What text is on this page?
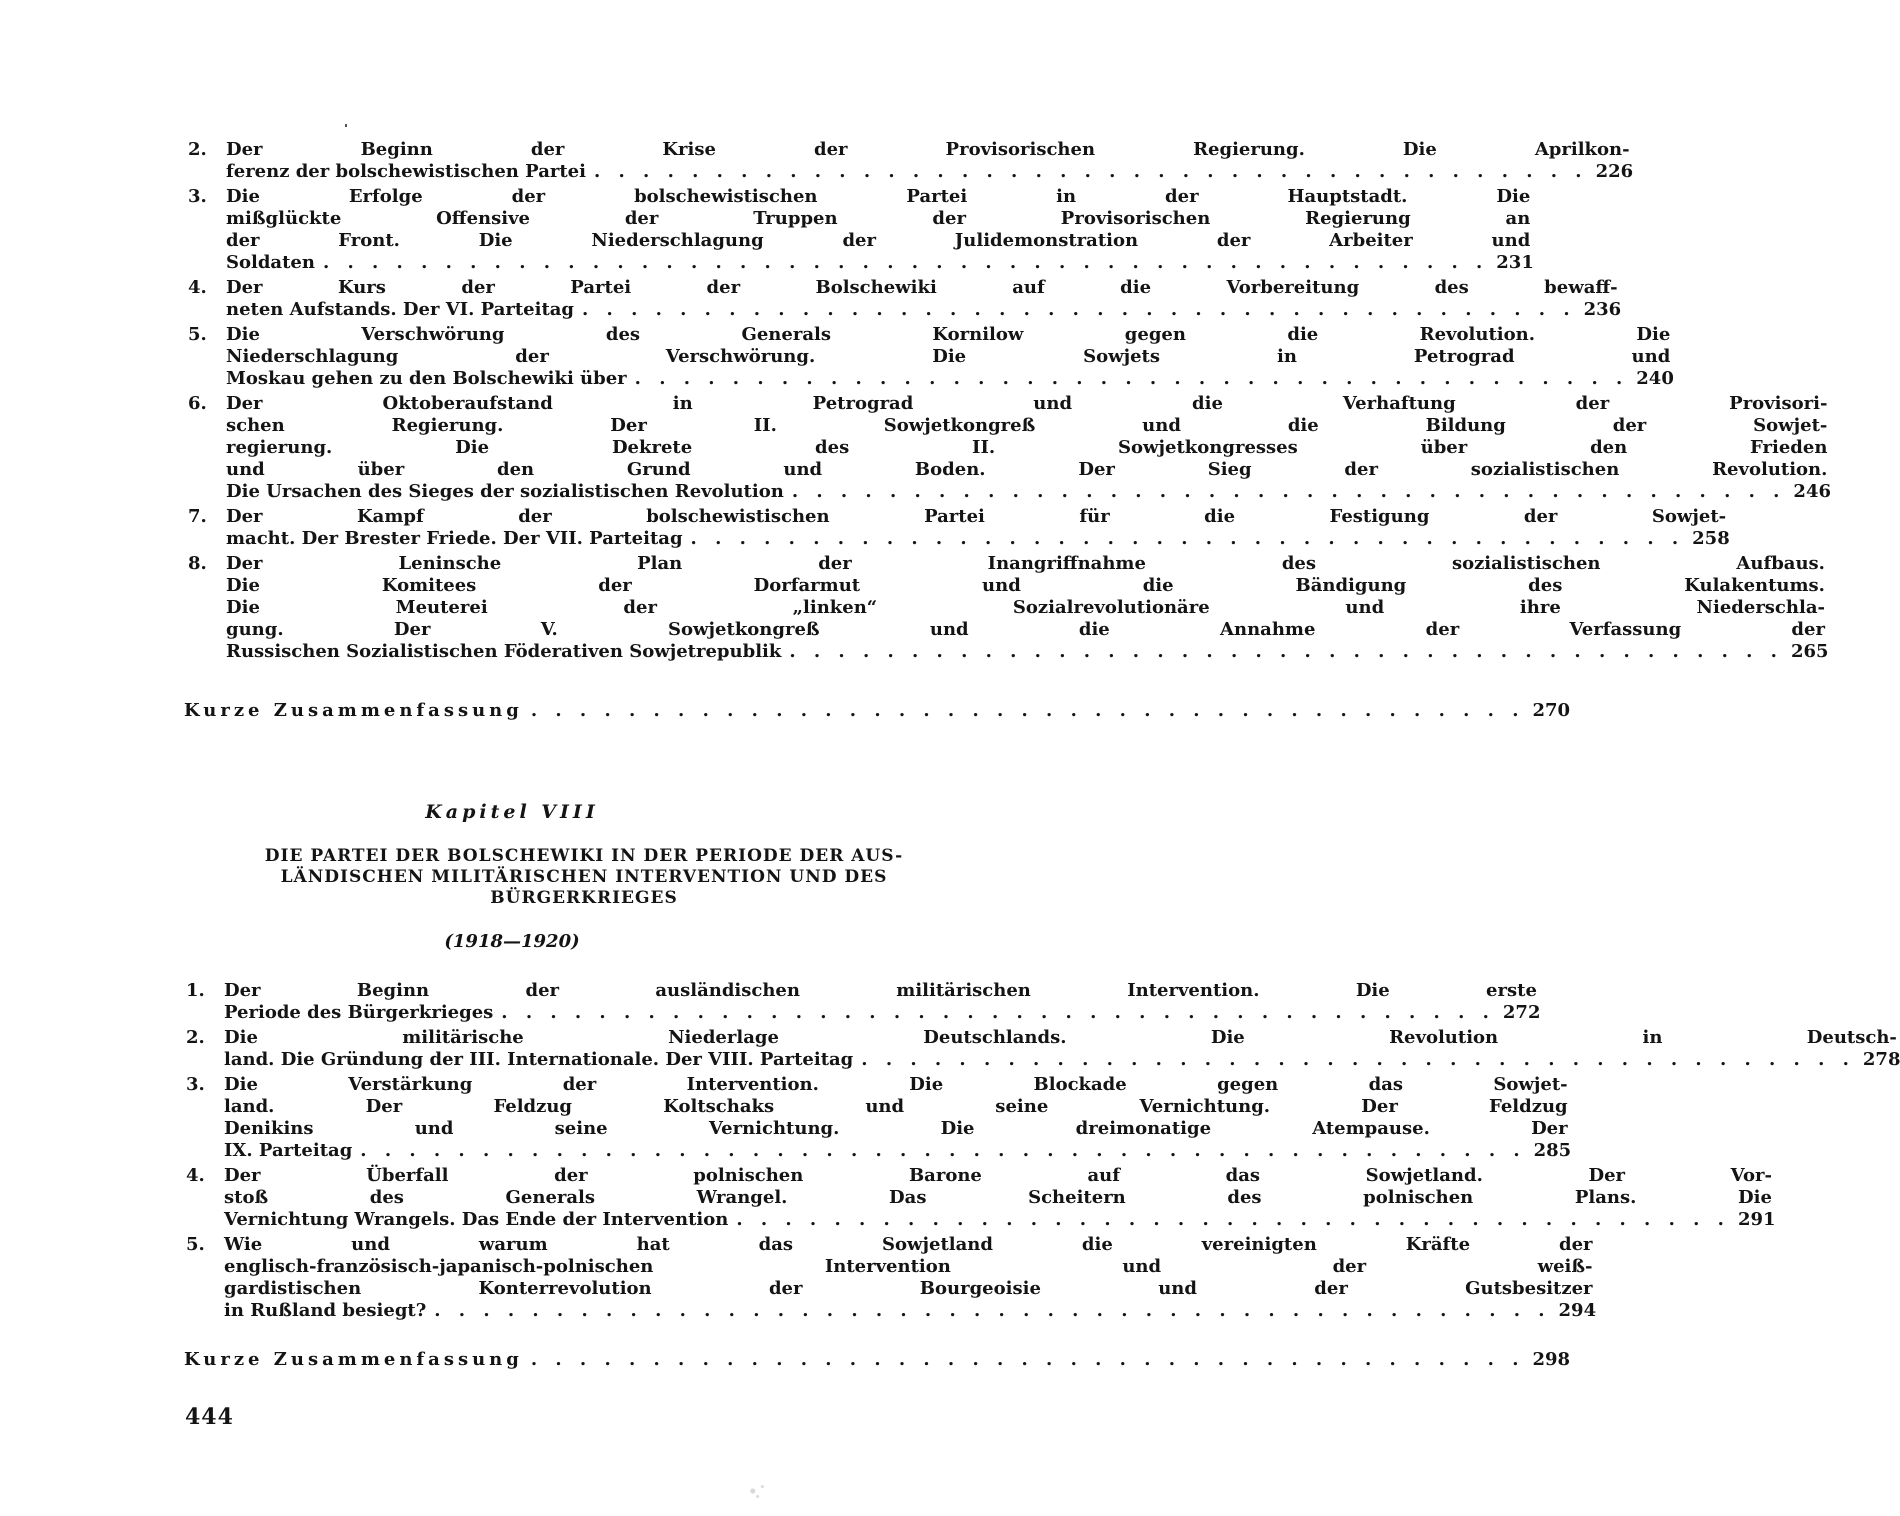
2.	Der Beginn der Krise der Provisorischen Regierung. Die Aprilkon-
ferenz der bolschewistischen Partei . . . . . . . . . . . . . . . . . . . . . . . . . . . . . . . . . . . . . . . . . 226
3.	Die Erfolge der bolschewistischen Partei in der Hauptstadt. Die
mißglückte Offensive der Truppen der Provisorischen Regierung an
der Front. Die Niederschlagung der Julidemonstration der Arbeiter und
Soldaten . . . . . . . . . . . . . . . . . . . . . . . . . . . . . . . . . . . . . . . . . . . . . . . . 231
4.	Der Kurs der Partei der Bolschewiki auf die Vorbereitung des bewaff-
neten Aufstands. Der VI. Parteitag . . . . . . . . . . . . . . . . . . . . . . . . . . . . . . . . . . . . . . . . . 236
5.	Die Verschwörung des Generals Kornilow gegen die Revolution. Die
Niederschlagung der Verschwörung. Die Sowjets in Petrograd und
Moskau gehen zu den Bolschewiki über . . . . . . . . . . . . . . . . . . . . . . . . . . . . . . . . . . . . . . . . . 240
6.	Der Oktoberaufstand in Petrograd und die Verhaftung der Provisori-
schen Regierung. Der II. Sowjetkongreß und die Bildung der Sowjet-
regierung. Die Dekrete des II. Sowjetkongresses über den Frieden
und über den Grund und Boden. Der Sieg der sozialistischen Revolution.
Die Ursachen des Sieges der sozialistischen Revolution . . . . . . . . . . . . . . . . . . . . . . . . . . . . . . . . . . . . . . . . . 246
7.	Der Kampf der bolschewistischen Partei für die Festigung der Sowjet-
macht. Der Brester Friede. Der VII. Parteitag . . . . . . . . . . . . . . . . . . . . . . . . . . . . . . . . . . . . . . . . . 258
8.	Der Leninsche Plan der Inangriffnahme des sozialistischen Aufbaus.
Die Komitees der Dorfarmut und die Bändigung des Kulakentums.
Die Meuterei der „linken“ Sozialrevolutionäre und ihre Niederschla-
gung. Der V. Sowjetkongreß und die Annahme der Verfassung der
Russischen Sozialistischen Föderativen Sowjetrepublik . . . . . . . . . . . . . . . . . . . . . . . . . . . . . . . . . . . . . . . . . 265
Kurze Zusammenfassung . . . . . . . . . . . . . . . . . . . . . . . . . . . . . . . . . . . . . . . . . 270
Kapitel VIII
DIE PARTEI DER BOLSCHEWIKI IN DER PERIODE DER AUS-
LÄNDISCHEN MILITÄRISCHEN INTERVENTION UND DES
BÜRGERKRIEGES
(1918—1920)
1.	Der Beginn der ausländischen militärischen Intervention. Die erste
Periode des Bürgerkrieges . . . . . . . . . . . . . . . . . . . . . . . . . . . . . . . . . . . . . . . . . 272
2.	Die militärische Niederlage Deutschlands. Die Revolution in Deutsch-
land. Die Gründung der III. Internationale. Der VIII. Parteitag . . . . . . . . . . . . . . . . . . . . . . . . . . . . . . . . . . . . . . . . . 278
3.	Die Verstärkung der Intervention. Die Blockade gegen das Sowjet-
land. Der Feldzug Koltschaks und seine Vernichtung. Der Feldzug
Denikins und seine Vernichtung. Die dreimonatige Atempause. Der
IX. Parteitag . . . . . . . . . . . . . . . . . . . . . . . . . . . . . . . . . . . . . . . . . . . . . . . . 285
4.	Der Überfall der polnischen Barone auf das Sowjetland. Der Vor-
stoß des Generals Wrangel. Das Scheitern des polnischen Plans. Die
Vernichtung Wrangels. Das Ende der Intervention . . . . . . . . . . . . . . . . . . . . . . . . . . . . . . . . . . . . . . . . . 291
5.	Wie und warum hat das Sowjetland die vereinigten Kräfte der
englisch-französisch-japanisch-polnischen Intervention und der weiß-
gardistischen Konterrevolution der Bourgeoisie und der Gutsbesitzer
in Rußland besiegt? . . . . . . . . . . . . . . . . . . . . . . . . . . . . . . . . . . . . . . . . . . . . . . 294
Kurze Zusammenfassung . . . . . . . . . . . . . . . . . . . . . . . . . . . . . . . . . . . . . . . . . 298
444
